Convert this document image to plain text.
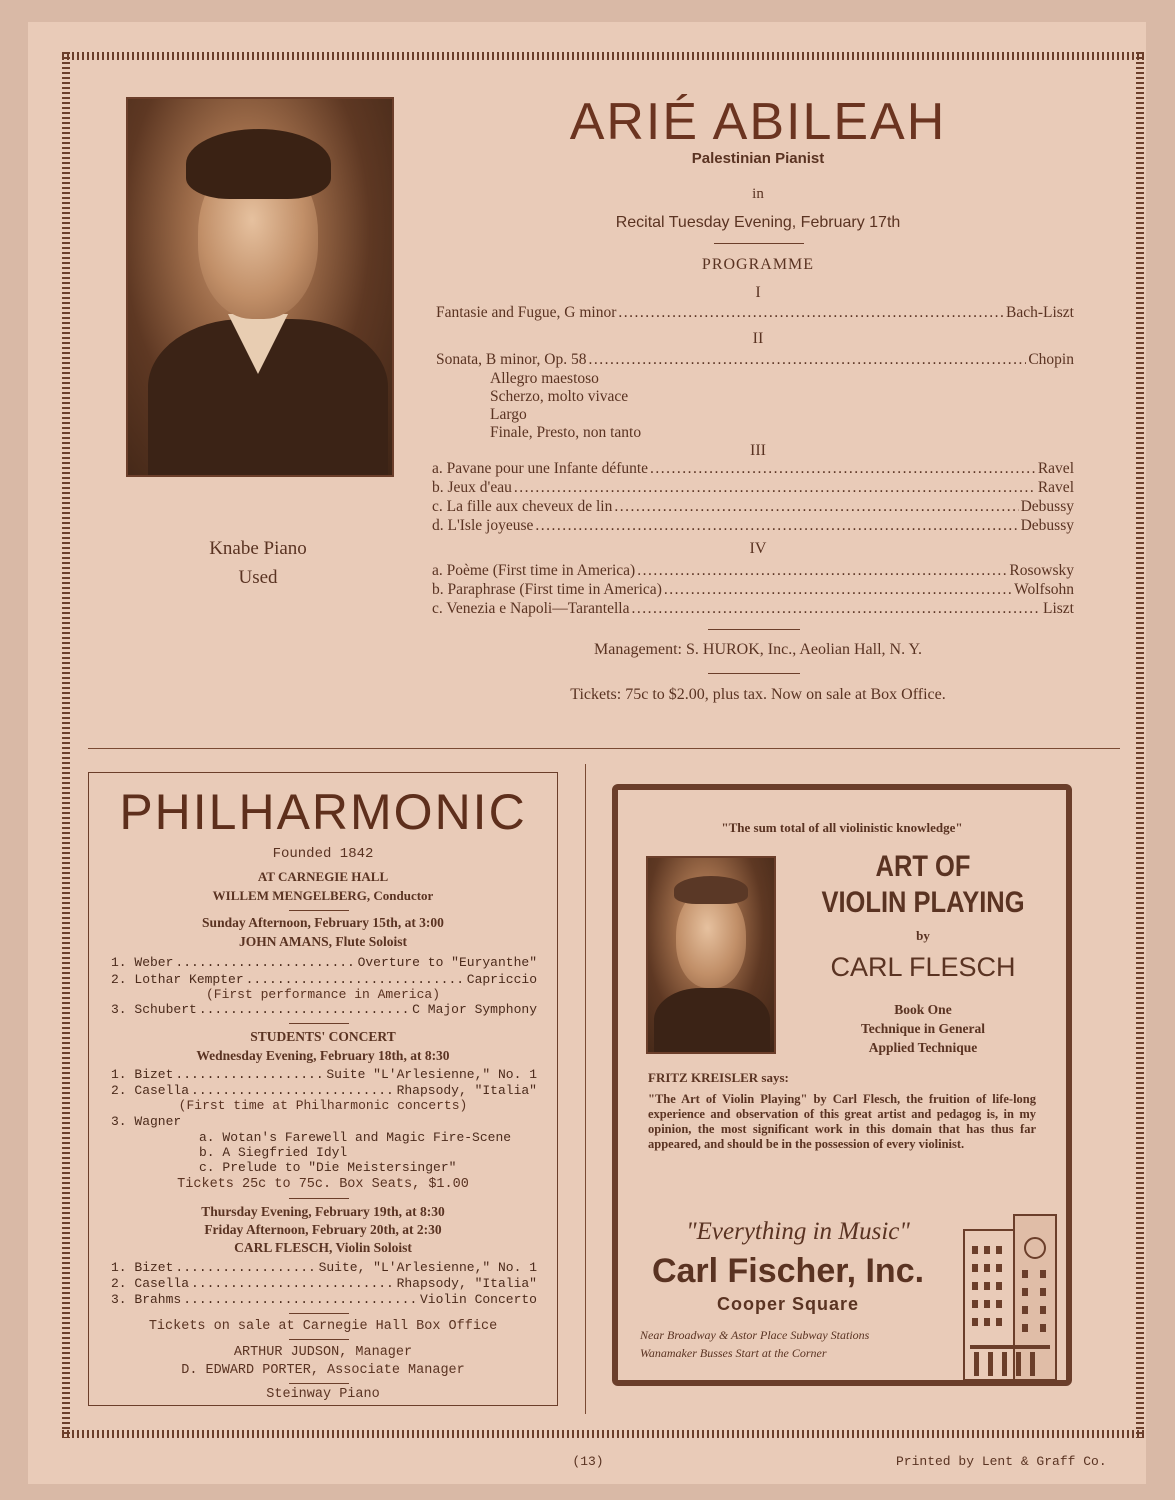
Knabe Piano
Used
ARIÉ ABILEAH
Palestinian Pianist
in
Recital Tuesday Evening, February 17th
PROGRAMME
I
Fantasie and Fugue, G minor .....	Bach-Liszt
II
Sonata, B minor, Op. 58 .....	Chopin
Allegro maestoso
Scherzo, molto vivace
Largo
Finale, Presto, non tanto
III
a. Pavane pour une Infante défunte .....	Ravel
b. Jeux d'eau .....	Ravel
c. La fille aux cheveux de lin .....	Debussy
d. L'Isle joyeuse .....	Debussy
IV
a. Poème (First time in America) .....	Rosowsky
b. Paraphrase (First time in America) .....	Wolfsohn
c. Venezia e Napoli—Tarantella .....	Liszt
Management: S. HUROK, Inc., Aeolian Hall, N. Y.
Tickets: 75c to $2.00, plus tax. Now on sale at Box Office.
PHILHARMONIC
Founded 1842
AT CARNEGIE HALL
WILLEM MENGELBERG, Conductor
Sunday Afternoon, February 15th, at 3:00
JOHN AMANS, Flute Soloist
1. Weber .....	Overture to "Euryanthe"
2. Lothar Kempter .....	Capriccio
(First performance in America)
3. Schubert .....	C Major Symphony
STUDENTS' CONCERT
Wednesday Evening, February 18th, at 8:30
1. Bizet .....	Suite "L'Arlesienne," No. 1
2. Casella .....	Rhapsody, "Italia"
(First time at Philharmonic concerts)
3. Wagner
a. Wotan's Farewell and Magic Fire-Scene
b. A Siegfried Idyl
c. Prelude to "Die Meistersinger"
Tickets 25c to 75c. Box Seats, $1.00
Thursday Evening, February 19th, at 8:30
Friday Afternoon, February 20th, at 2:30
CARL FLESCH, Violin Soloist
1. Bizet .....	Suite, "L'Arlesienne," No. 1
2. Casella .....	Rhapsody, "Italia"
3. Brahms .....	Violin Concerto
Tickets on sale at Carnegie Hall Box Office
ARTHUR JUDSON, Manager
D. EDWARD PORTER, Associate Manager
Steinway Piano
"The sum total of all violinistic knowledge"
ART OF
VIOLIN PLAYING
by
CARL FLESCH
Book One
Technique in General
Applied Technique
FRITZ KREISLER says:
"The Art of Violin Playing" by Carl Flesch, the fruition of life-long experience and observation of this great artist and pedagog is, in my opinion, the most significant work in this domain that has thus far appeared, and should be in the possession of every violinist.
"Everything in Music"
Carl Fischer, Inc.
Cooper Square
Near Broadway & Astor Place Subway Stations
Wanamaker Busses Start at the Corner
(13)	Printed by Lent & Graff Co.
